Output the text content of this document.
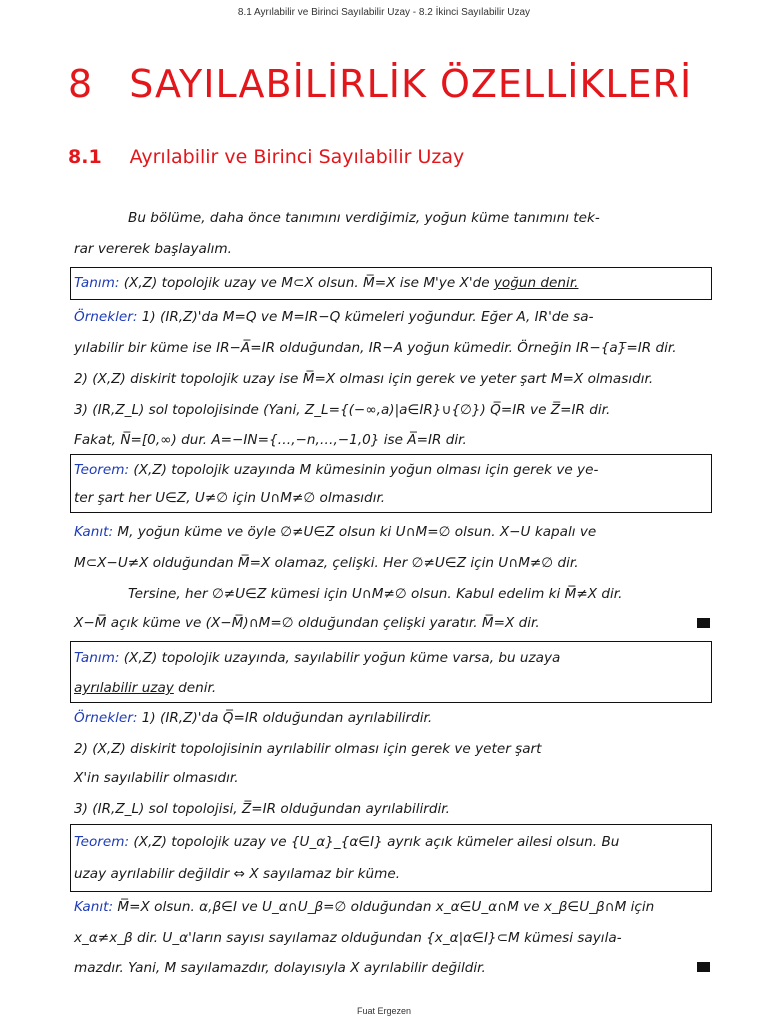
8.1 Ayrılabilir ve Birinci Sayılabilir Uzay - 8.2 İkinci Sayılabilir Uzay
8 SAYILABİLİRLİK ÖZELLİKLERİ
8.1 Ayrılabilir ve Birinci Sayılabilir Uzay
Bu bölüme, daha önce tanımını verdiğimiz, yoğun küme tanımını tek-
rar vererek başlayalım.
Tanım: (X,Z) topolojik uzay ve M⊂X olsun. M̅=X ise M'ye X'de yoğun denir.
Örnekler: 1) (IR,Z)'da M=Q ve M=IR−Q kümeleri yoğundur. Eğer A, IR'de sa-
yılabilir bir küme ise IR−A̅=IR olduğundan, IR−A yoğun kümedir. Örneğin IR−{a}̅=IR dir.
2) (X,Z) diskirit topolojik uzay ise M̅=X olması için gerek ve yeter şart M=X olmasıdır.
3) (IR,Z_L) sol topolojisinde (Yani, Z_L={(−∞,a)|a∈IR}∪{∅}) Q̅=IR ve Z̅=IR dir.
Fakat, N̅=[0,∞) dur. A=−IN={…,−n,…,−1,0} ise A̅=IR dir.
Teorem: (X,Z) topolojik uzayında M kümesinin yoğun olması için gerek ve ye-
ter şart her U∈Z, U≠∅ için U∩M≠∅ olmasıdır.
Kanıt: M, yoğun küme ve öyle ∅≠U∈Z olsun ki U∩M=∅ olsun. X−U kapalı ve
M⊂X−U≠X olduğundan M̅=X olamaz, çelişki. Her ∅≠U∈Z için U∩M≠∅ dir.
Tersine, her ∅≠U∈Z kümesi için U∩M≠∅ olsun. Kabul edelim ki M̅≠X dir.
X−M̅ açık küme ve (X−M̅)∩M=∅ olduğundan çelişki yaratır. M̅=X dir.
Tanım: (X,Z) topolojik uzayında, sayılabilir yoğun küme varsa, bu uzaya
ayrılabilir uzay denir.
Örnekler: 1) (IR,Z)'da Q̅=IR olduğundan ayrılabilirdir.
2) (X,Z) diskirit topolojisinin ayrılabilir olması için gerek ve yeter şart
X'in sayılabilir olmasıdır.
3) (IR,Z_L) sol topolojisi, Z̅=IR olduğundan ayrılabilirdir.
Teorem: (X,Z) topolojik uzay ve {U_α}_{α∈I} ayrık açık kümeler ailesi olsun. Bu
uzay ayrılabilir değildir ⇔ X sayılamaz bir küme.
Kanıt: M̅=X olsun. α,β∈I ve U_α∩U_β=∅ olduğundan x_α∈U_α∩M ve x_β∈U_β∩M için
x_α≠x_β dir. U_α'ların sayısı sayılamaz olduğundan {x_α|α∈I}⊂M kümesi sayıla-
mazdır. Yani, M sayılamazdır, dolayısıyla X ayrılabilir değildir.
Fuat Ergezen
